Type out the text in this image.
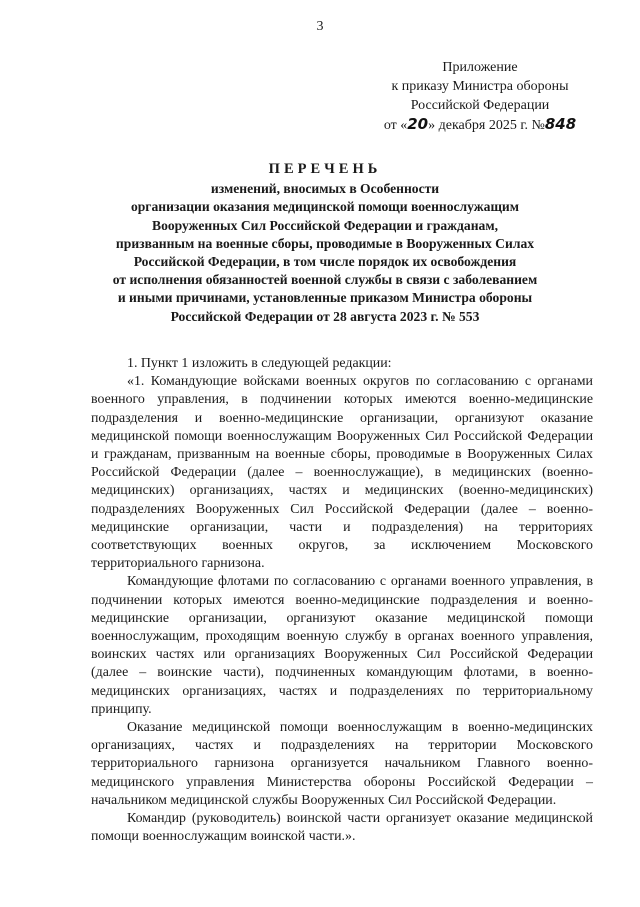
3
Приложение
к приказу Министра обороны
Российской Федерации
от «20» декабря 2025 г. №848
ПЕРЕЧЕНЬ
изменений, вносимых в Особенности
организации оказания медицинской помощи военнослужащим
Вооруженных Сил Российской Федерации и гражданам,
призванным на военные сборы, проводимые в Вооруженных Силах
Российской Федерации, в том числе порядок их освобождения
от исполнения обязанностей военной службы в связи с заболеванием
и иными причинами, установленные приказом Министра обороны
Российской Федерации от 28 августа 2023 г. № 553

1. Пункт 1 изложить в следующей редакции:

«1. Командующие войсками военных округов по согласованию с органами военного управления, в подчинении которых имеются военно-медицинские подразделения и военно-медицинские организации, организуют оказание медицинской помощи военнослужащим Вооруженных Сил Российской Федерации и гражданам, призванным на военные сборы, проводимые в Вооруженных Силах Российской Федерации (далее – военнослужащие), в медицинских (военно-медицинских) организациях, частях и медицинских (военно-медицинских) подразделениях Вооруженных Сил Российской Федерации (далее – военно-медицинские организации, части и подразделения) на территориях соответствующих военных округов, за исключением Московского территориального гарнизона.

Командующие флотами по согласованию с органами военного управления, в подчинении которых имеются военно-медицинские подразделения и военно-медицинские организации, организуют оказание медицинской помощи военнослужащим, проходящим военную службу в органах военного управления, воинских частях или организациях Вооруженных Сил Российской Федерации (далее – воинские части), подчиненных командующим флотами, в военно-медицинских организациях, частях и подразделениях по территориальному принципу.

Оказание медицинской помощи военнослужащим в военно-медицинских организациях, частях и подразделениях на территории Московского территориального гарнизона организуется начальником Главного военно-медицинского управления Министерства обороны Российской Федерации – начальником медицинской службы Вооруженных Сил Российской Федерации.

Командир (руководитель) воинской части организует оказание медицинской помощи военнослужащим воинской части.».
